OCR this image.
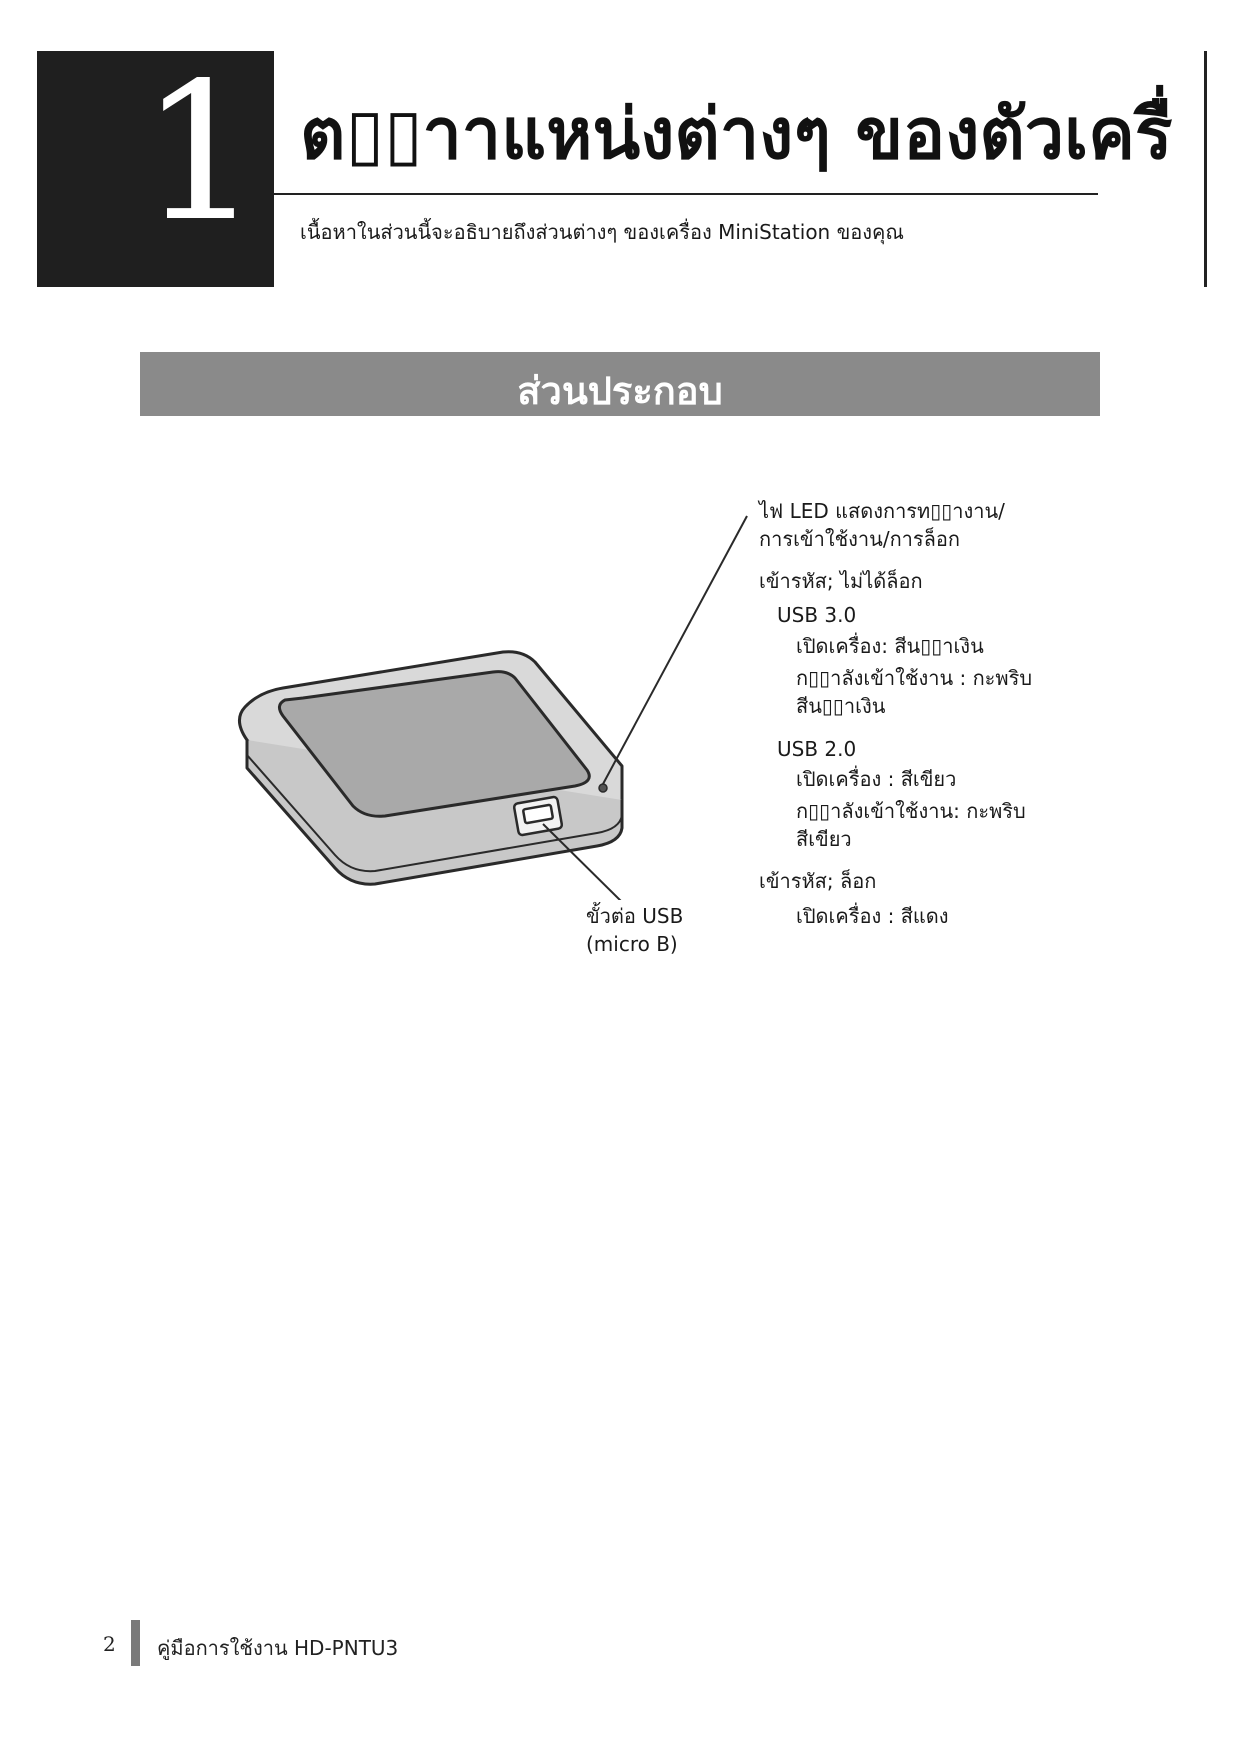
1 ต▯▯าาแหน่งต่างๆ ของตัวเครื่
เนื้อหาในส่วนนี้จะอธิบายถึงส่วนต่างๆ ของเครื่อง MiniStation ของคุณ
ส่วนประกอบ
ไฟ LED แสดงการท▯▯างาน/
การเข้าใช้งาน/การล็อก
เข้ารหัส; ไม่ได้ล็อก
USB 3.0
เปิดเครื่อง: สีน▯▯าเงิน
ก▯▯าลังเข้าใช้งาน : กะพริบ
สีน▯▯าเงิน
USB 2.0
เปิดเครื่อง : สีเขียว
ก▯▯าลังเข้าใช้งาน: กะพริบ
สีเขียว
เข้ารหัส; ล็อก
เปิดเครื่อง : สีแดง
ขั้วต่อ USB
(micro B)
2 คู่มือการใช้งาน HD-PNTU3
